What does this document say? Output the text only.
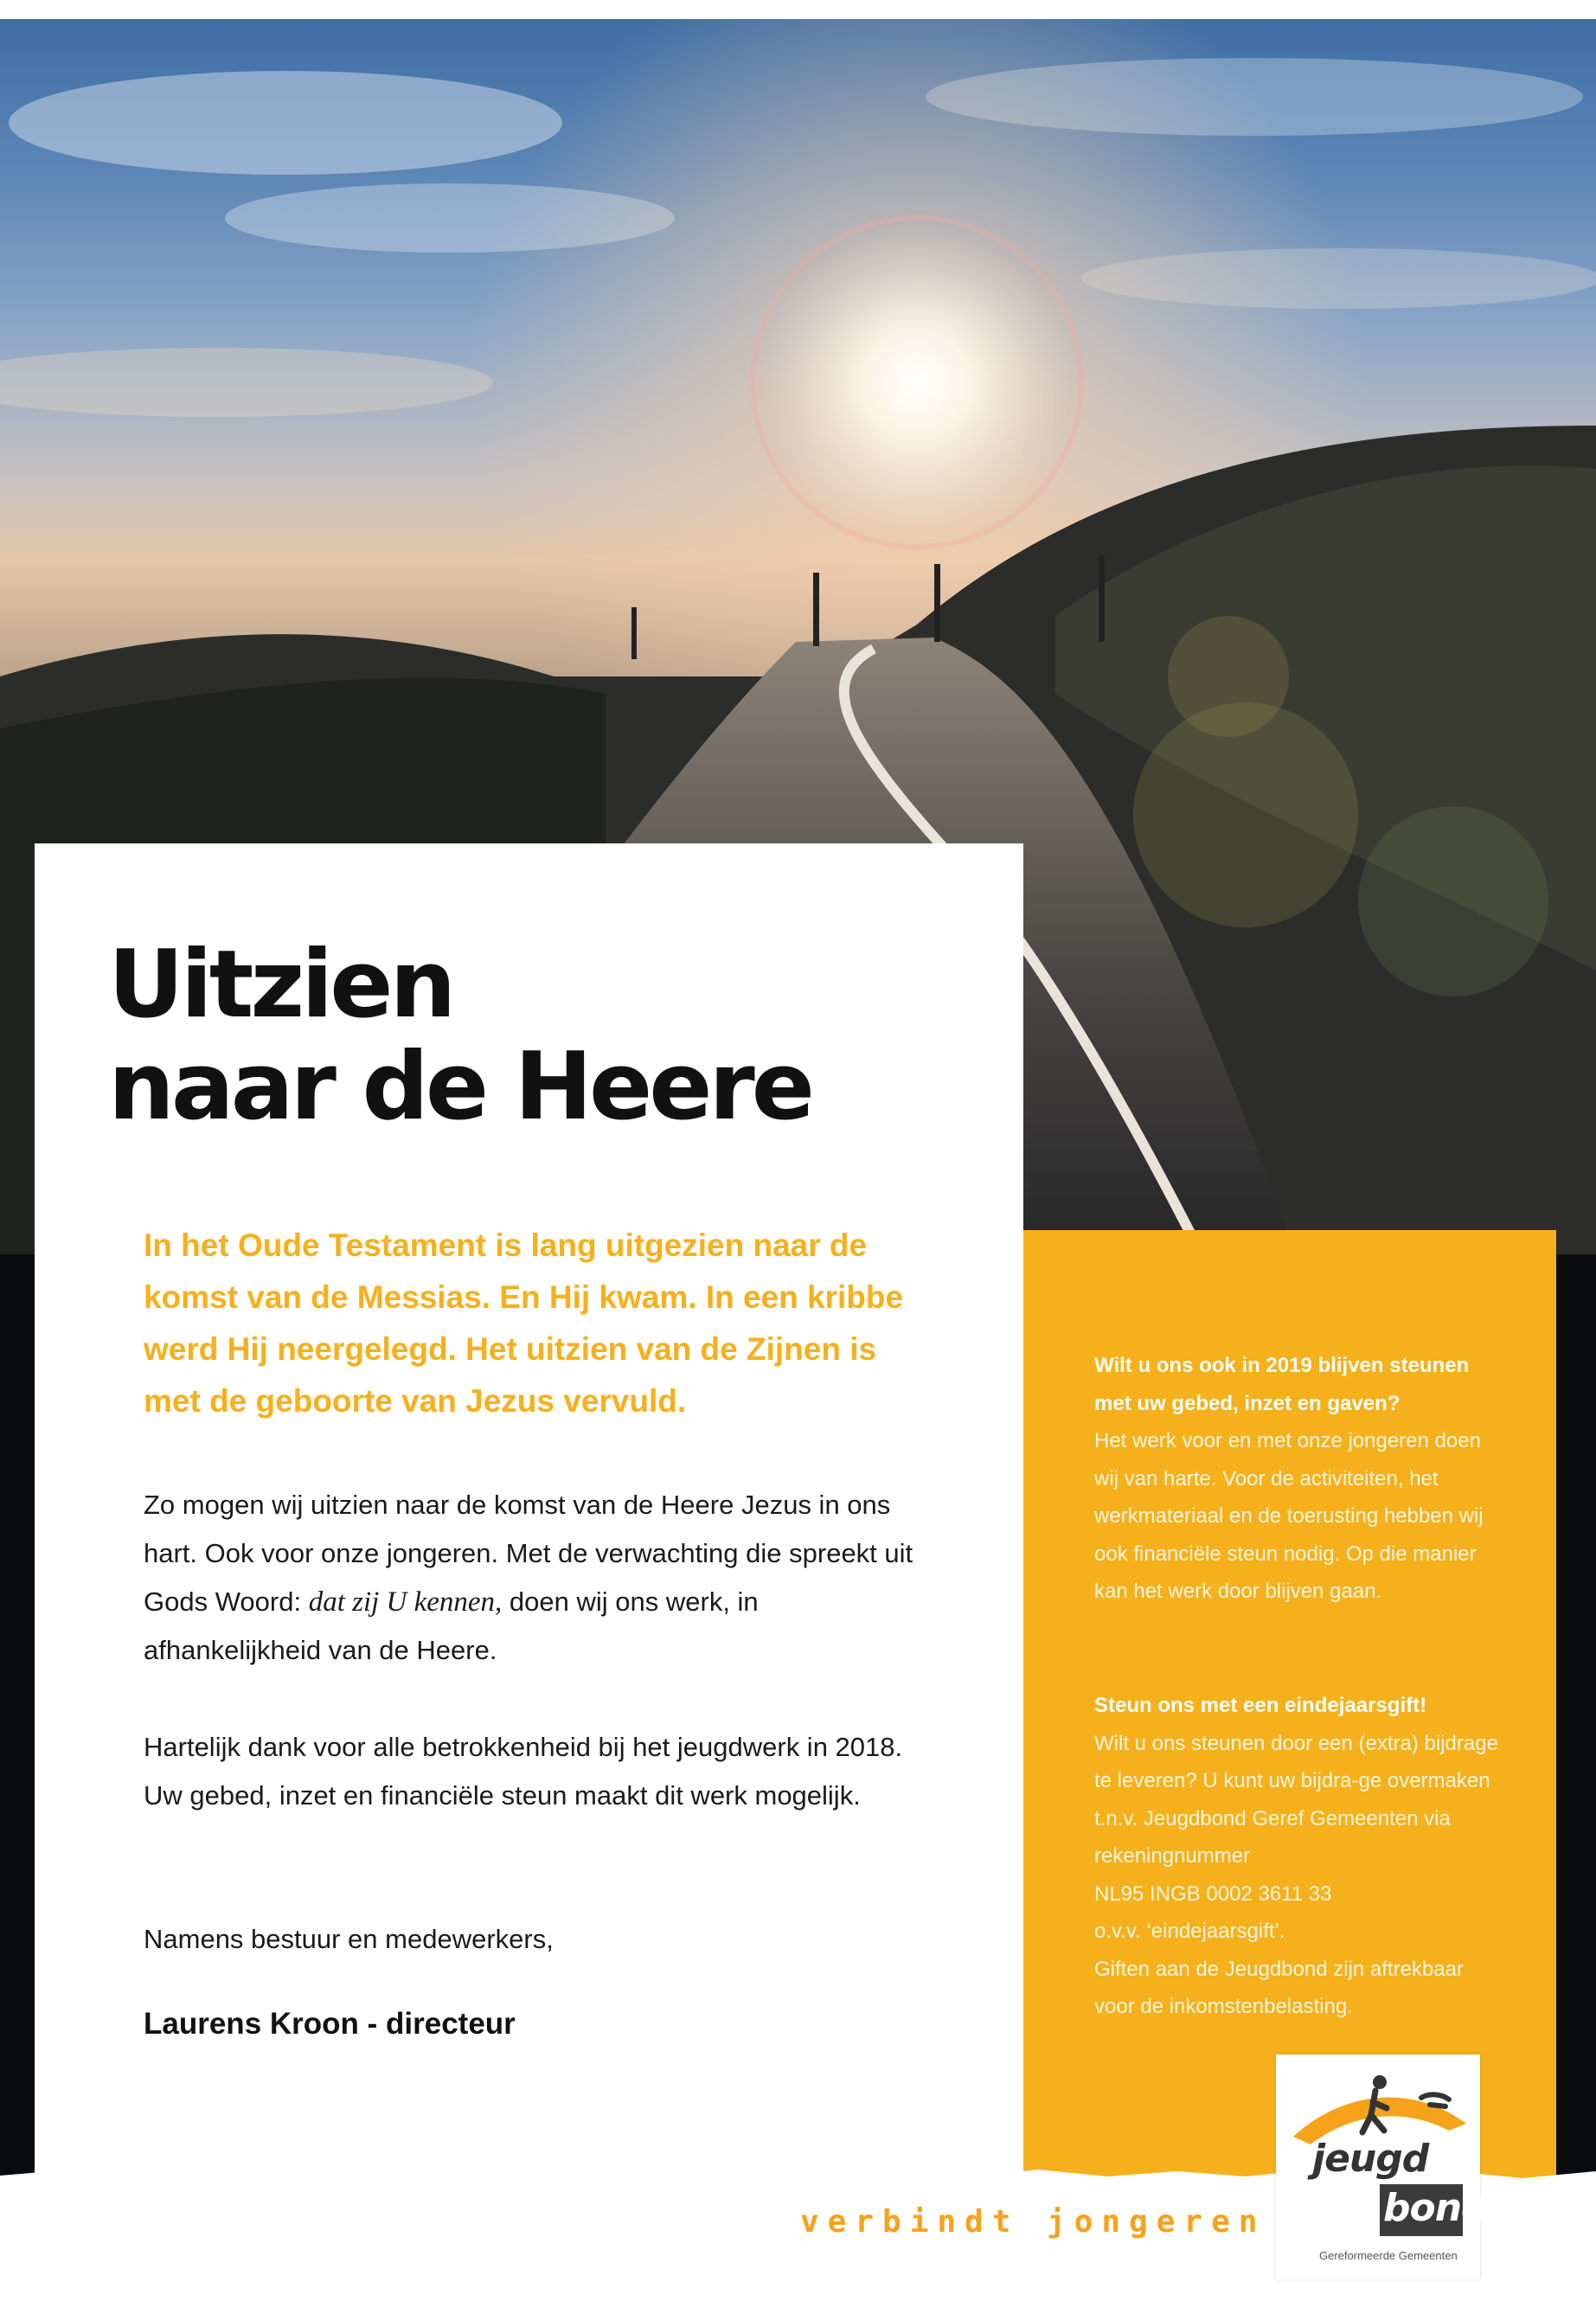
Uitzien
naar de Heere

In het Oude Testament is lang uitgezien naar de komst van de Messias. En Hij kwam. In een kribbe werd Hij neergelegd. Het uitzien van de Zijnen is met de geboorte van Jezus vervuld.

Zo mogen wij uitzien naar de komst van de Heere Jezus in ons hart. Ook voor onze jongeren. Met de verwachting die spreekt uit Gods Woord: dat zij U kennen, doen wij ons werk, in afhankelijkheid van de Heere.

Hartelijk dank voor alle betrokkenheid bij het jeugdwerk in 2018. Uw gebed, inzet en financiële steun maakt dit werk mogelijk.

Namens bestuur en medewerkers,

Laurens Kroon - directeur

Wilt u ons ook in 2019 blijven steunen met uw gebed, inzet en gaven?
Het werk voor en met onze jongeren doen wij van harte. Voor de activiteiten, het werkmateriaal en de toerusting hebben wij ook financiële steun nodig. Op die manier kan het werk door blijven gaan.

Steun ons met een eindejaarsgift!
Wilt u ons steunen door een (extra) bijdrage te leveren? U kunt uw bijdra-ge overmaken t.n.v. Jeugdbond Geref Gemeenten via rekeningnummer
NL95 INGB 0002 3611 33
o.v.v. ‘eindejaarsgift’.
Giften aan de Jeugdbond zijn aftrekbaar voor de inkomstenbelasting.

verbindt jongeren
jeugd
bond
Gereformeerde Gemeenten
